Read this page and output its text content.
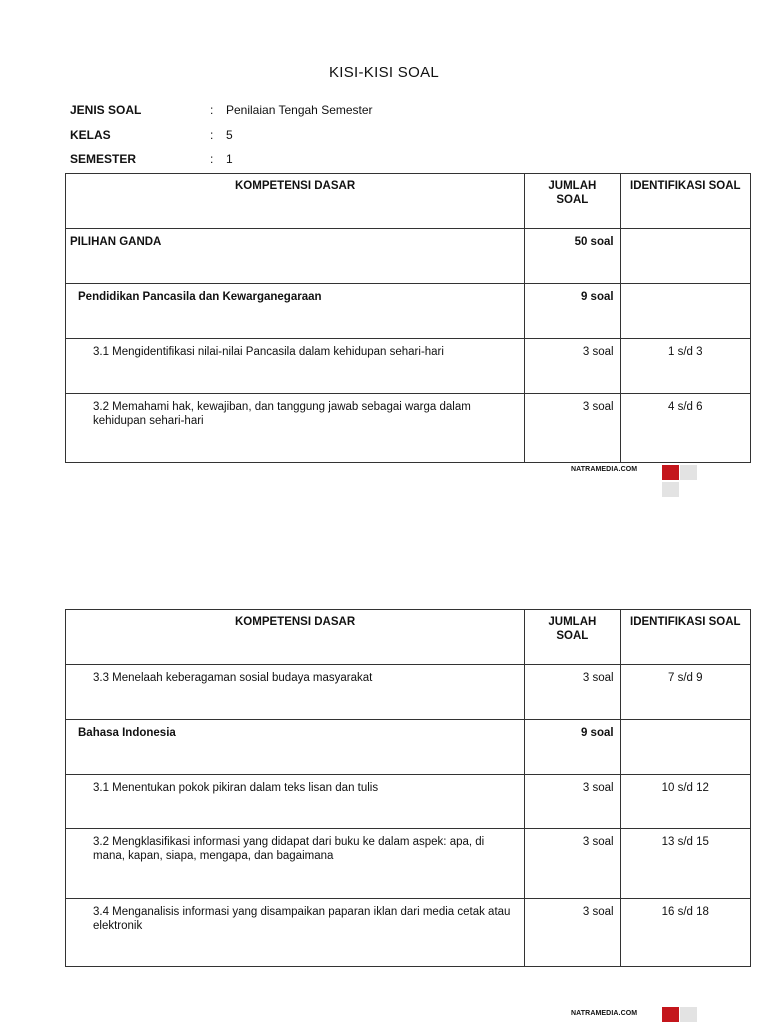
KISI-KISI SOAL
JENIS SOAL	: Penilaian Tengah Semester
KELAS	: 5
SEMESTER	: 1
KOMPETENSI DASAR	JUMLAH SOAL	IDENTIFIKASI SOAL
PILIHAN GANDA	50 soal	
Pendidikan Pancasila dan Kewarganegaraan	9 soal	
3.1 Mengidentifikasi nilai-nilai Pancasila dalam kehidupan sehari-hari	3 soal	1 s/d 3
3.2 Memahami hak, kewajiban, dan tanggung jawab sebagai warga dalam kehidupan sehari-hari	3 soal	4 s/d 6
NATRAMEDIA.COM
KOMPETENSI DASAR	JUMLAH SOAL	IDENTIFIKASI SOAL
3.3 Menelaah keberagaman sosial budaya masyarakat	3 soal	7 s/d 9
Bahasa Indonesia	9 soal	
3.1 Menentukan pokok pikiran dalam teks lisan dan tulis	3 soal	10 s/d 12
3.2 Mengklasifikasi informasi yang didapat dari buku ke dalam aspek: apa, di mana, kapan, siapa, mengapa, dan bagaimana	3 soal	13 s/d 15
3.4 Menganalisis informasi yang disampaikan paparan iklan dari media cetak atau elektronik	3 soal	16 s/d 18
NATRAMEDIA.COM
